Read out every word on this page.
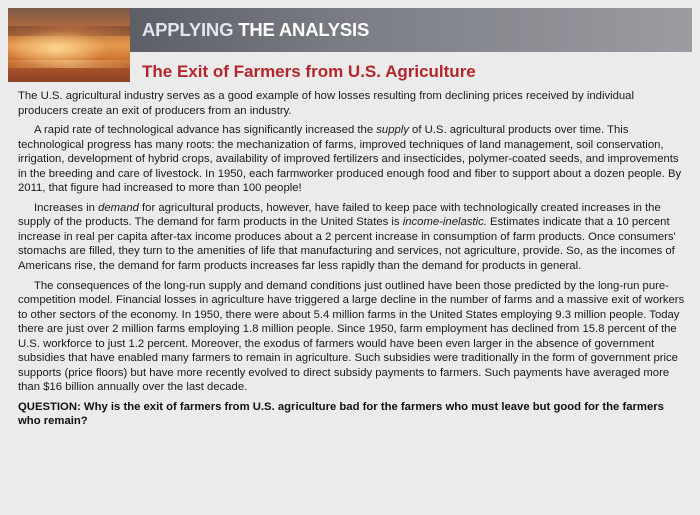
APPLYING THE ANALYSIS
The Exit of Farmers from U.S. Agriculture

The U.S. agricultural industry serves as a good example of how losses resulting from declining prices received by individual producers create an exit of producers from an industry.

A rapid rate of technological advance has significantly increased the supply of U.S. agricultural products over time. This technological progress has many roots: the mechanization of farms, improved techniques of land management, soil conservation, irrigation, development of hybrid crops, availability of improved fertilizers and insecticides, polymer-coated seeds, and improvements in the breeding and care of livestock. In 1950, each farmworker produced enough food and fiber to support about a dozen people. By 2011, that figure had increased to more than 100 people!

Increases in demand for agricultural products, however, have failed to keep pace with technologically created increases in the supply of the products. The demand for farm products in the United States is income-inelastic. Estimates indicate that a 10 percent increase in real per capita after-tax income produces about a 2 percent increase in consumption of farm products. Once consumers' stomachs are filled, they turn to the amenities of life that manufacturing and services, not agriculture, provide. So, as the incomes of Americans rise, the demand for farm products increases far less rapidly than the demand for products in general.

The consequences of the long-run supply and demand conditions just outlined have been those predicted by the long-run pure-competition model. Financial losses in agriculture have triggered a large decline in the number of farms and a massive exit of workers to other sectors of the economy. In 1950, there were about 5.4 million farms in the United States employing 9.3 million people. Today there are just over 2 million farms employing 1.8 million people. Since 1950, farm employment has declined from 15.8 percent of the U.S. workforce to just 1.2 percent. Moreover, the exodus of farmers would have been even larger in the absence of government subsidies that have enabled many farmers to remain in agriculture. Such subsidies were traditionally in the form of government price supports (price floors) but have more recently evolved to direct subsidy payments to farmers. Such payments have averaged more than $16 billion annually over the last decade.

QUESTION: Why is the exit of farmers from U.S. agriculture bad for the farmers who must leave but good for the farmers who remain?
